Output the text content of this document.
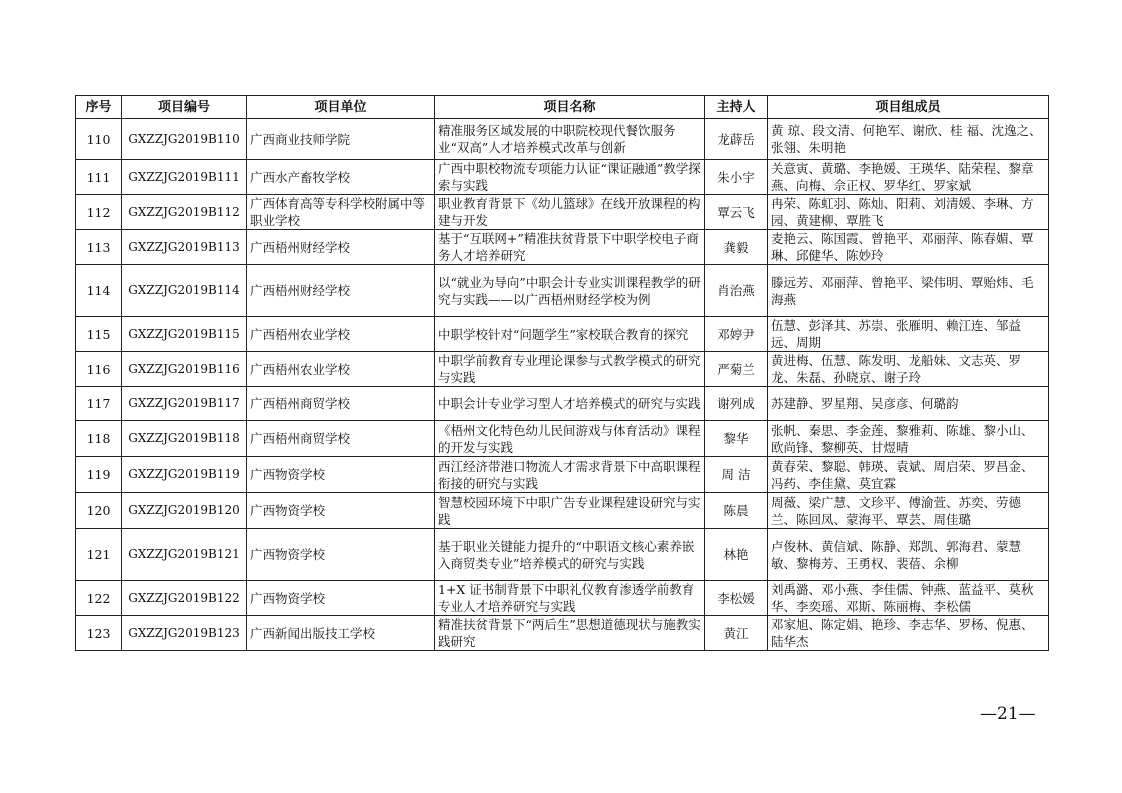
序号	项目编号	项目单位	项目名称	主持人	项目组成员
110	GXZZJG2019B110	广西商业技师学院	精准服务区域发展的中职院校现代餐饮服务业“双高”人才培养模式改革与创新	龙薜岳	黄 琼、段文清、何艳军、谢欣、桂 福、沈逸之、张翎、朱明艳
111	GXZZJG2019B111	广西水产畜牧学校	广西中职校物流专项能力认证“课证融通”教学探索与实践	朱小宇	关意寅、黄璐、李艳媛、王瑛华、陆荣程、黎章燕、向梅、佘正权、罗华红、罗家斌
112	GXZZJG2019B112	广西体育高等专科学校附属中等职业学校	职业教育背景下《幼儿篮球》在线开放课程的构建与开发	覃云飞	冉荣、陈虹羽、陈灿、阳莉、刘清媛、李琳、方园、黄建柳、覃胜飞
113	GXZZJG2019B113	广西梧州财经学校	基于“互联网+”精准扶贫背景下中职学校电子商务人才培养研究	龚毅	麦艳云、陈国霞、曾艳平、邓丽萍、陈春媚、覃 琳、邱健华、陈妙玲
114	GXZZJG2019B114	广西梧州财经学校	以“就业为导向”中职会计专业实训课程教学的研究与实践——以广西梧州财经学校为例	肖治燕	滕远芳、邓丽萍、曾艳平、梁伟明、覃贻炜、毛海燕
115	GXZZJG2019B115	广西梧州农业学校	中职学校针对“问题学生”家校联合教育的探究	邓婷尹	伍慧、彭泽其、苏崇、张雁明、赖江连、邹益远、周期
116	GXZZJG2019B116	广西梧州农业学校	中职学前教育专业理论课参与式教学模式的研究与实践	严菊兰	黄进梅、伍慧、陈发明、龙船妹、文志英、罗龙、朱磊、孙晓京、谢子玲
117	GXZZJG2019B117	广西梧州商贸学校	中职会计专业学习型人才培养模式的研究与实践	谢列成	苏建静、罗星翔、吴彦彦、何璐韵
118	GXZZJG2019B118	广西梧州商贸学校	《梧州文化特色幼儿民间游戏与体育活动》课程的开发与实践	黎华	张帆、秦思、李金莲、黎雅莉、陈雄、黎小山、欧尚锋、黎柳英、甘煜晴
119	GXZZJG2019B119	广西物资学校	西江经济带港口物流人才需求背景下中高职课程衔接的研究与实践	周 洁	黄春荣、黎聪、韩瑛、袁斌、周启荣、罗昌金、冯药、李佳黛、莫宜霖
120	GXZZJG2019B120	广西物资学校	智慧校园环境下中职广告专业课程建设研究与实践	陈晨	周薇、梁广慧、文珍平、傅渝萱、苏奕、劳德兰、陈回凤、蒙海平、覃芸、周佳璐
121	GXZZJG2019B121	广西物资学校	基于职业关键能力提升的“中职语文核心素养嵌入商贸类专业”培养模式的研究与实践	林艳	卢俊林、黄信斌、陈静、郑凯、郭海君、蒙慧敏、黎梅芳、王勇权、裴蓓、余柳
122	GXZZJG2019B122	广西物资学校	1+X 证书制背景下中职礼仪教育渗透学前教育专业人才培养研究与实践	李松媛	刘禹潞、邓小燕、李佳儒、钟燕、蓝益平、莫秋华、李奕瑶、邓斯、陈丽梅、李松儒
123	GXZZJG2019B123	广西新闻出版技工学校	精准扶贫背景下“两后生”思想道德现状与施教实践研究	黄江	邓家旭、陈定娟、艳珍、李志华、罗杨、倪惠、陆华杰
—21—
